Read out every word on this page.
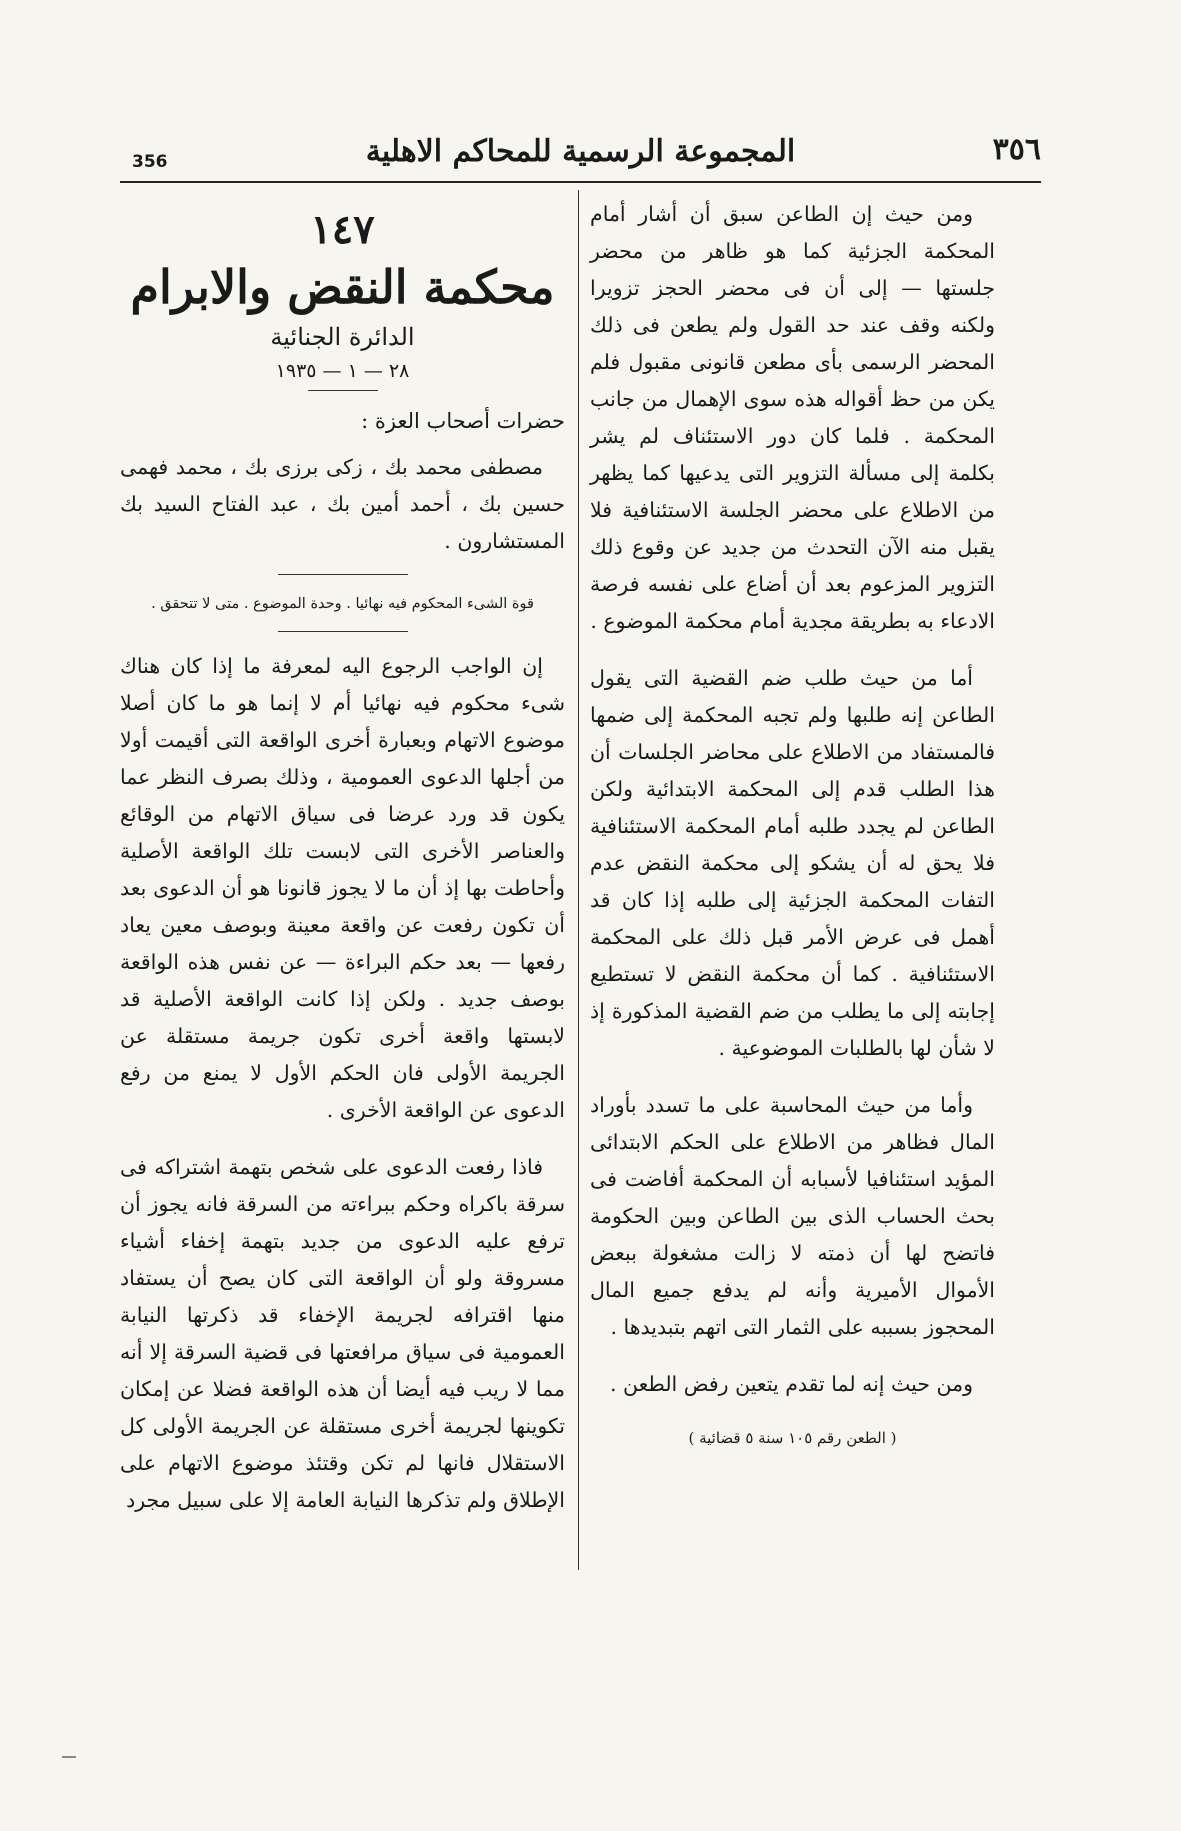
356	المجموعة الرسمية للمحاكم الاهلية	٣٥٦

ومن حيث إن الطاعن سبق أن أشار أمام المحكمة الجزئية كما هو ظاهر من محضر جلستها — إلى أن فى محضر الحجز تزويرا ولكنه وقف عند حد القول ولم يطعن فى ذلك المحضر الرسمى بأى مطعن قانونى مقبول فلم يكن من حظ أقواله هذه سوى الإهمال من جانب المحكمة . فلما كان دور الاستئناف لم يشر بكلمة إلى مسألة التزوير التى يدعيها كما يظهر من الاطلاع على محضر الجلسة الاستئنافية فلا يقبل منه الآن التحدث من جديد عن وقوع ذلك التزوير المزعوم بعد أن أضاع على نفسه فرصة الادعاء به بطريقة مجدية أمام محكمة الموضوع .

أما من حيث طلب ضم القضية التى يقول الطاعن إنه طلبها ولم تجبه المحكمة إلى ضمها فالمستفاد من الاطلاع على محاضر الجلسات أن هذا الطلب قدم إلى المحكمة الابتدائية ولكن الطاعن لم يجدد طلبه أمام المحكمة الاستئنافية فلا يحق له أن يشكو إلى محكمة النقض عدم التفات المحكمة الجزئية إلى طلبه إذا كان قد أهمل فى عرض الأمر قبل ذلك على المحكمة الاستئنافية . كما أن محكمة النقض لا تستطيع إجابته إلى ما يطلب من ضم القضية المذكورة إذ لا شأن لها بالطلبات الموضوعية .

وأما من حيث المحاسبة على ما تسدد بأوراد المال فظاهر من الاطلاع على الحكم الابتدائى المؤيد استئنافيا لأسبابه أن المحكمة أفاضت فى بحث الحساب الذى بين الطاعن وبين الحكومة فاتضح لها أن ذمته لا زالت مشغولة ببعض الأموال الأميرية وأنه لم يدفع جميع المال المحجوز بسببه على الثمار التى اتهم بتبديدها .

ومن حيث إنه لما تقدم يتعين رفض الطعن .

( الطعن رقم ١٠٥ سنة ٥ قضائية )
١٤٧
محكمة النقض والابرام
الدائرة الجنائية
٢٨ — ١ — ١٩٣٥

حضرات أصحاب العزة :

مصطفى محمد بك ، زكى برزى بك ، محمد فهمى حسين بك ، أحمد أمين بك ، عبد الفتاح السيد بك المستشارون .

قوة الشىء المحكوم فيه نهائيا . وحدة الموضوع . متى لا تتحقق .

إن الواجب الرجوع اليه لمعرفة ما إذا كان هناك شىء محكوم فيه نهائيا أم لا إنما هو ما كان أصلا موضوع الاتهام وبعبارة أخرى الواقعة التى أقيمت أولا من أجلها الدعوى العمومية ، وذلك بصرف النظر عما يكون قد ورد عرضا فى سياق الاتهام من الوقائع والعناصر الأخرى التى لابست تلك الواقعة الأصلية وأحاطت بها إذ أن ما لا يجوز قانونا هو أن الدعوى بعد أن تكون رفعت عن واقعة معينة وبوصف معين يعاد رفعها — بعد حكم البراءة — عن نفس هذه الواقعة بوصف جديد . ولكن إذا كانت الواقعة الأصلية قد لابستها واقعة أخرى تكون جريمة مستقلة عن الجريمة الأولى فان الحكم الأول لا يمنع من رفع الدعوى عن الواقعة الأخرى .

فاذا رفعت الدعوى على شخص بتهمة اشتراكه فى سرقة باكراه وحكم ببراءته من السرقة فانه يجوز أن ترفع عليه الدعوى من جديد بتهمة إخفاء أشياء مسروقة ولو أن الواقعة التى كان يصح أن يستفاد منها اقترافه لجريمة الإخفاء قد ذكرتها النيابة العمومية فى سياق مرافعتها فى قضية السرقة إلا أنه مما لا ريب فيه أيضا أن هذه الواقعة فضلا عن إمكان تكوينها لجريمة أخرى مستقلة عن الجريمة الأولى كل الاستقلال فانها لم تكن وقتئذ موضوع الاتهام على الإطلاق ولم تذكرها النيابة العامة إلا على سبيل مجرد
